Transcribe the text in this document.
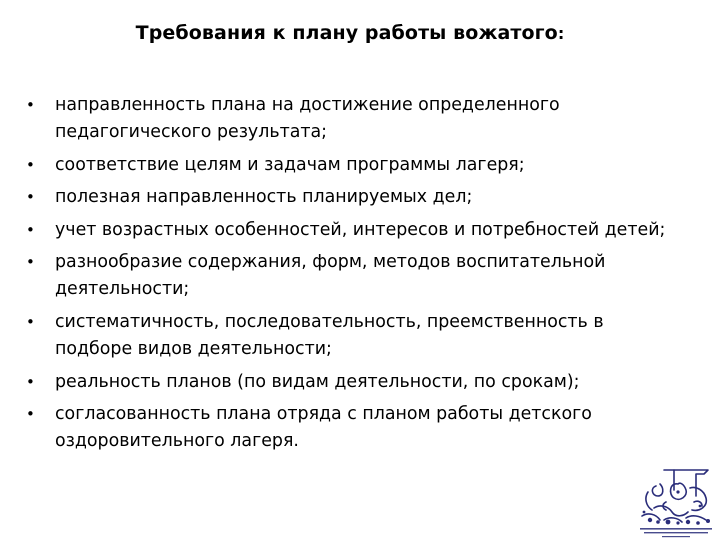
Требования к плану работы вожатого:
• направленность плана на достижение определенного педагогического результата;
• соответствие целям и задачам программы лагеря;
• полезная направленность планируемых дел;
• учет возрастных особенностей, интересов и потребностей детей;
• разнообразие содержания, форм, методов воспитательной деятельности;
• систематичность, последовательность, преемственность в подборе видов деятельности;
• реальность планов (по видам деятельности, по срокам);
• согласованность плана отряда с планом работы детского оздоровительного лагеря.
